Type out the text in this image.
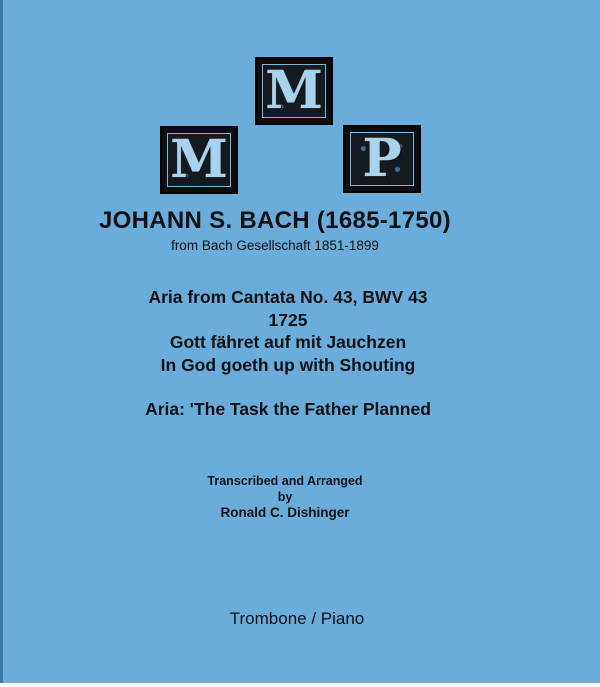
M
M	P
JOHANN S. BACH (1685-1750)
from Bach Gesellschaft 1851-1899
Aria from Cantata No. 43, BWV 43
1725
Gott fähret auf mit Jauchzen
In God goeth up with Shouting
Aria: 'The Task the Father Planned
Transcribed and Arranged
by
Ronald C. Dishinger
Trombone / Piano
